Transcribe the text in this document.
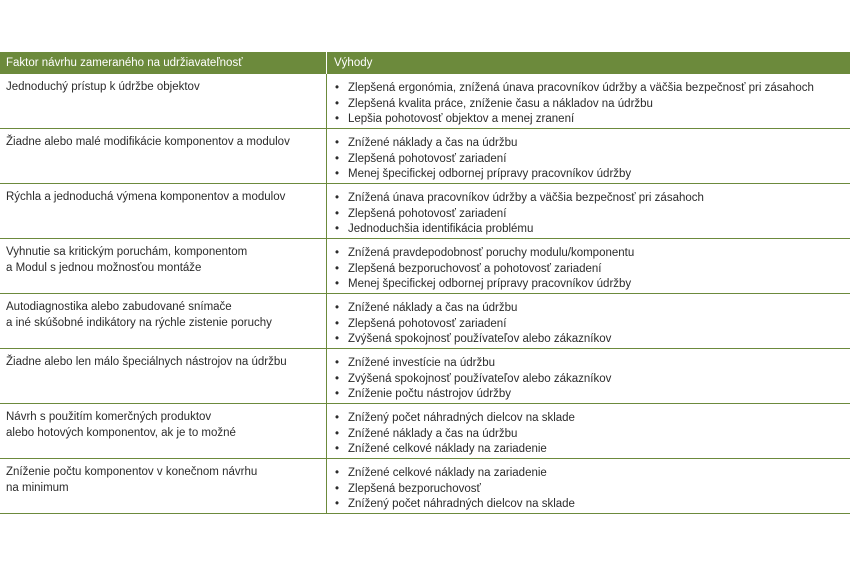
Faktor návrhu zameraného na udržiavateľnosť	Výhody
Jednoduchý prístup k údržbe objektov	• Zlepšená ergonómia, znížená únava pracovníkov údržby a väčšia bezpečnosť pri zásahoch
• Zlepšená kvalita práce, zníženie času a nákladov na údržbu
• Lepšia pohotovosť objektov a menej zranení
Žiadne alebo malé modifikácie komponentov a modulov	• Znížené náklady a čas na údržbu
• Zlepšená pohotovosť zariadení
• Menej špecifickej odbornej prípravy pracovníkov údržby
Rýchla a jednoduchá výmena komponentov a modulov	• Znížená únava pracovníkov údržby a väčšia bezpečnosť pri zásahoch
• Zlepšená pohotovosť zariadení
• Jednoduchšia identifikácia problému
Vyhnutie sa kritickým poruchám, komponentom
a Modul s jednou možnosťou montáže
• Znížená pravdepodobnosť poruchy modulu/komponentu
• Zlepšená bezporuchovosť a pohotovosť zariadení
• Menej špecifickej odbornej prípravy pracovníkov údržby
Autodiagnostika alebo zabudované snímače
a iné skúšobné indikátory na rýchle zistenie poruchy
• Znížené náklady a čas na údržbu
• Zlepšená pohotovosť zariadení
• Zvýšená spokojnosť používateľov alebo zákazníkov
Žiadne alebo len málo špeciálnych nástrojov na údržbu	• Znížené investície na údržbu
• Zvýšená spokojnosť používateľov alebo zákazníkov
• Zníženie počtu nástrojov údržby
Návrh s použitím komerčných produktov
alebo hotových komponentov, ak je to možné
• Znížený počet náhradných dielcov na sklade
• Znížené náklady a čas na údržbu
• Znížené celkové náklady na zariadenie
Zníženie počtu komponentov v konečnom návrhu
na minimum
• Znížené celkové náklady na zariadenie
• Zlepšená bezporuchovosť
• Znížený počet náhradných dielcov na sklade
